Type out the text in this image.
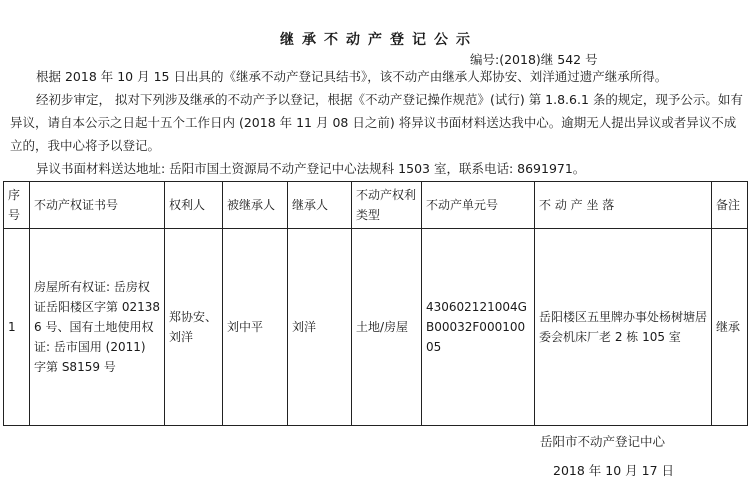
继承不动产登记公示
编号:(2018)继 542 号

根据 2018 年 10 月 15 日出具的《继承不动产登记具结书》，该不动产由继承人郑协安、刘洋通过遗产继承所得。

经初步审定， 拟对下列涉及继承的不动产予以登记，根据《不动产登记操作规范》(试行) 第 1.8.6.1 条的规定，现予公示。如有异议，请自本公示之日起十五个工作日内 (2018 年 11 月 08 日之前) 将异议书面材料送达我中心。逾期无人提出异议或者异议不成立的，我中心将予以登记。

异议书面材料送达地址: 岳阳市国土资源局不动产登记中心法规科 1503 室，联系电话: 8691971。

序号	不动产权证书号	权利人	被继承人	继承人	不动产权利类型	不动产单元号	不 动 产 坐 落	备注
1	房屋所有权证: 岳房权证岳阳楼区字第 021386 号、国有土地使用权证: 岳市国用 (2011) 字第 S8159 号	郑协安、刘洋	刘中平	刘洋	土地/房屋	430602121004GB00032F00010005	岳阳楼区五里牌办事处杨树塘居委会机床厂老 2 栋 105 室	继承
岳阳市不动产登记中心
2018 年 10 月 17 日
